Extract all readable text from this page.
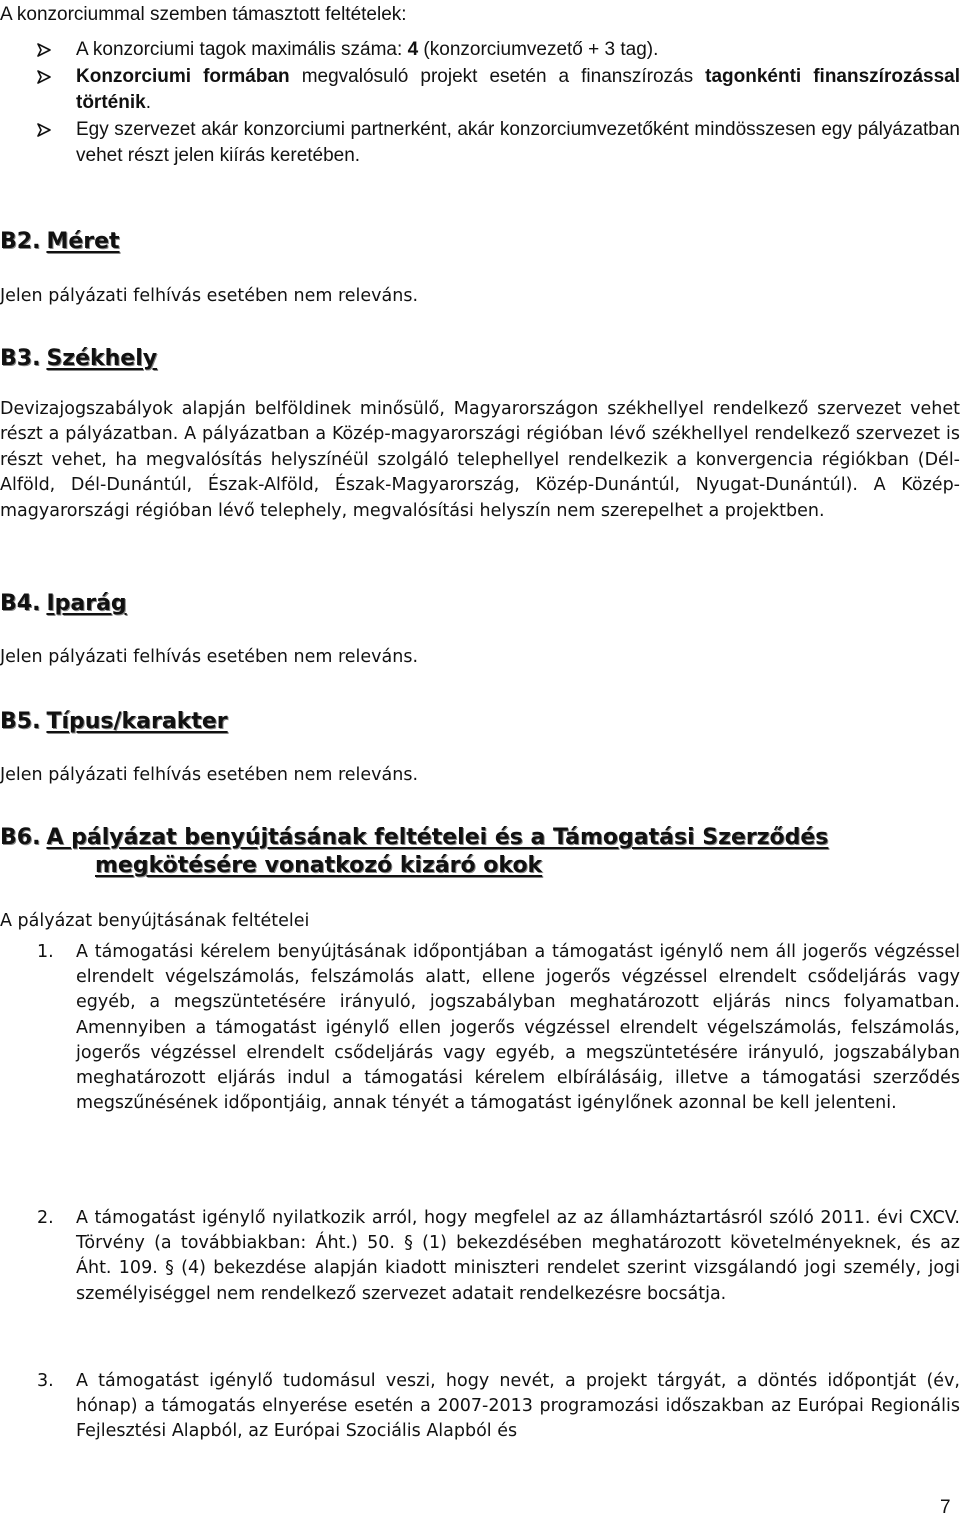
A konzorciummal szemben támasztott feltételek:

A konzorciumi tagok maximális száma: 4 (konzorciumvezető + 3 tag).
Konzorciumi formában megvalósuló projekt esetén a finanszírozás tagonkénti finanszírozással történik.
Egy szervezet akár konzorciumi partnerként, akár konzorciumvezetőként mindösszesen egy pályázatban vehet részt jelen kiírás keretében.
B2. Méret

Jelen pályázati felhívás esetében nem releváns.

B3. Székhely

Devizajogszabályok alapján belföldinek minősülő, Magyarországon székhellyel rendelkező szervezet vehet részt a pályázatban. A pályázatban a Közép-magyarországi régióban lévő székhellyel rendelkező szervezet is részt vehet, ha megvalósítás helyszínéül szolgáló telephellyel rendelkezik a konvergencia régiókban (Dél-Alföld, Dél-Dunántúl, Észak-Alföld, Észak-Magyarország, Közép-Dunántúl, Nyugat-Dunántúl). A Közép-magyarországi régióban lévő telephely, megvalósítási helyszín nem szerepelhet a projektben.

B4. Iparág

Jelen pályázati felhívás esetében nem releváns.

B5. Típus/karakter

Jelen pályázati felhívás esetében nem releváns.

B6. A pályázat benyújtásának feltételei és a Támogatási Szerződés
megkötésére vonatkozó kizáró okok

A pályázat benyújtásának feltételei

1. A támogatási kérelem benyújtásának időpontjában a támogatást igénylő nem áll jogerős végzéssel elrendelt végelszámolás, felszámolás alatt, ellene jogerős végzéssel elrendelt csődeljárás vagy egyéb, a megszüntetésére irányuló, jogszabályban meghatározott eljárás nincs folyamatban. Amennyiben a támogatást igénylő ellen jogerős végzéssel elrendelt végelszámolás, felszámolás, jogerős végzéssel elrendelt csődeljárás vagy egyéb, a megszüntetésére irányuló, jogszabályban meghatározott eljárás indul a támogatási kérelem elbírálásáig, illetve a támogatási szerződés megszűnésének időpontjáig, annak tényét a támogatást igénylőnek azonnal be kell jelenteni.
2. A támogatást igénylő nyilatkozik arról, hogy megfelel az az államháztartásról szóló 2011. évi CXCV. Törvény (a továbbiakban: Áht.) 50. § (1) bekezdésében meghatározott követelményeknek, és az Áht. 109. § (4) bekezdése alapján kiadott miniszteri rendelet szerint vizsgálandó jogi személy, jogi személyiséggel nem rendelkező szervezet adatait rendelkezésre bocsátja.
3. A támogatást igénylő tudomásul veszi, hogy nevét, a projekt tárgyát, a döntés időpontját (év, hónap) a támogatás elnyerése esetén a 2007-2013 programozási időszakban az Európai Regionális Fejlesztési Alapból, az Európai Szociális Alapból és
7
